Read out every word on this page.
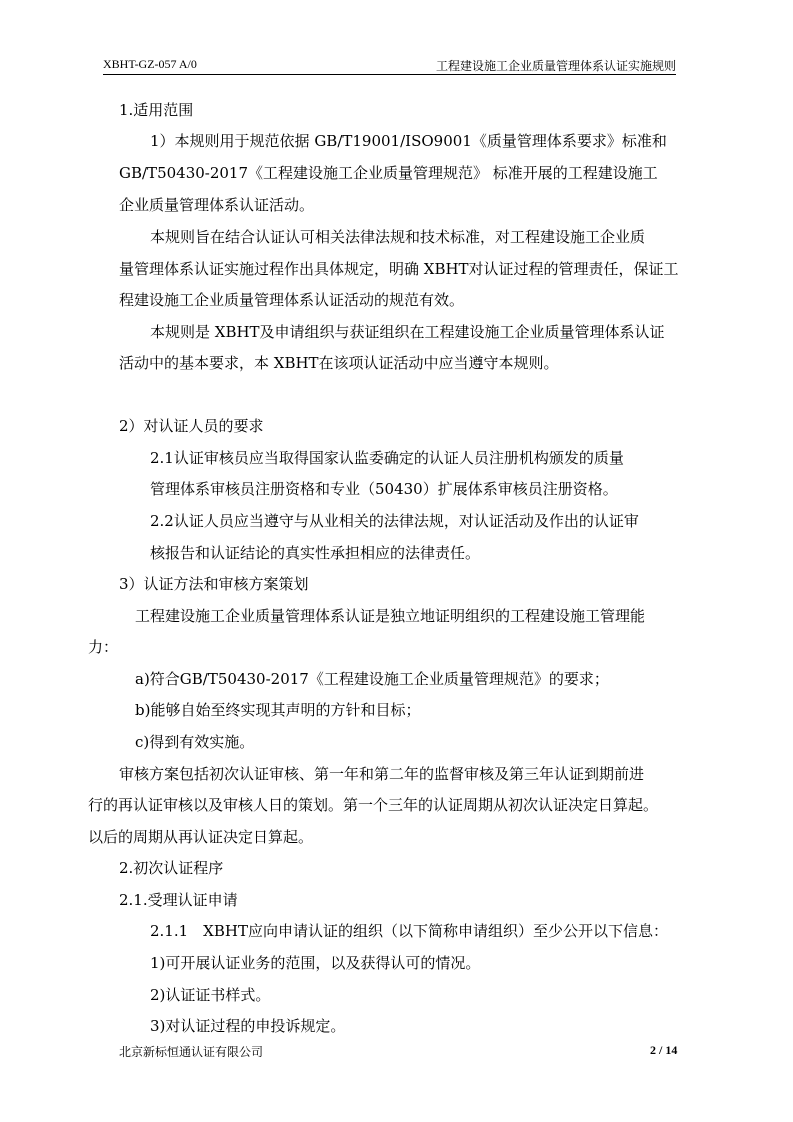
XBHT-GZ-057 A/0	工程建设施工企业质量管理体系认证实施规则
1.适用范围
1）本规则用于规范依据 GB/T19001/ISO9001《质量管理体系要求》标准和
GB/T50430-2017《工程建设施工企业质量管理规范》 标准开展的工程建设施工
企业质量管理体系认证活动。
本规则旨在结合认证认可相关法律法规和技术标准，对工程建设施工企业质
量管理体系认证实施过程作出具体规定，明确 XBHT对认证过程的管理责任，保证工
程建设施工企业质量管理体系认证活动的规范有效。
本规则是 XBHT及申请组织与获证组织在工程建设施工企业质量管理体系认证
活动中的基本要求，本 XBHT在该项认证活动中应当遵守本规则。
2）对认证人员的要求
2.1认证审核员应当取得国家认监委确定的认证人员注册机构颁发的质量
管理体系审核员注册资格和专业（50430）扩展体系审核员注册资格。
2.2认证人员应当遵守与从业相关的法律法规，对认证活动及作出的认证审
核报告和认证结论的真实性承担相应的法律责任。
3）认证方法和审核方案策划
工程建设施工企业质量管理体系认证是独立地证明组织的工程建设施工管理能
力：
a)符合GB/T50430-2017《工程建设施工企业质量管理规范》的要求；
b)能够自始至终实现其声明的方针和目标；
c)得到有效实施。
审核方案包括初次认证审核、第一年和第二年的监督审核及第三年认证到期前进
行的再认证审核以及审核人日的策划。第一个三年的认证周期从初次认证决定日算起。
以后的周期从再认证决定日算起。
2.初次认证程序
2.1.受理认证申请
2.1.1　XBHT应向申请认证的组织（以下简称申请组织）至少公开以下信息：
1)可开展认证业务的范围，以及获得认可的情况。
2)认证证书样式。
3)对认证过程的申投诉规定。
北京新标恒通认证有限公司	2 / 14
